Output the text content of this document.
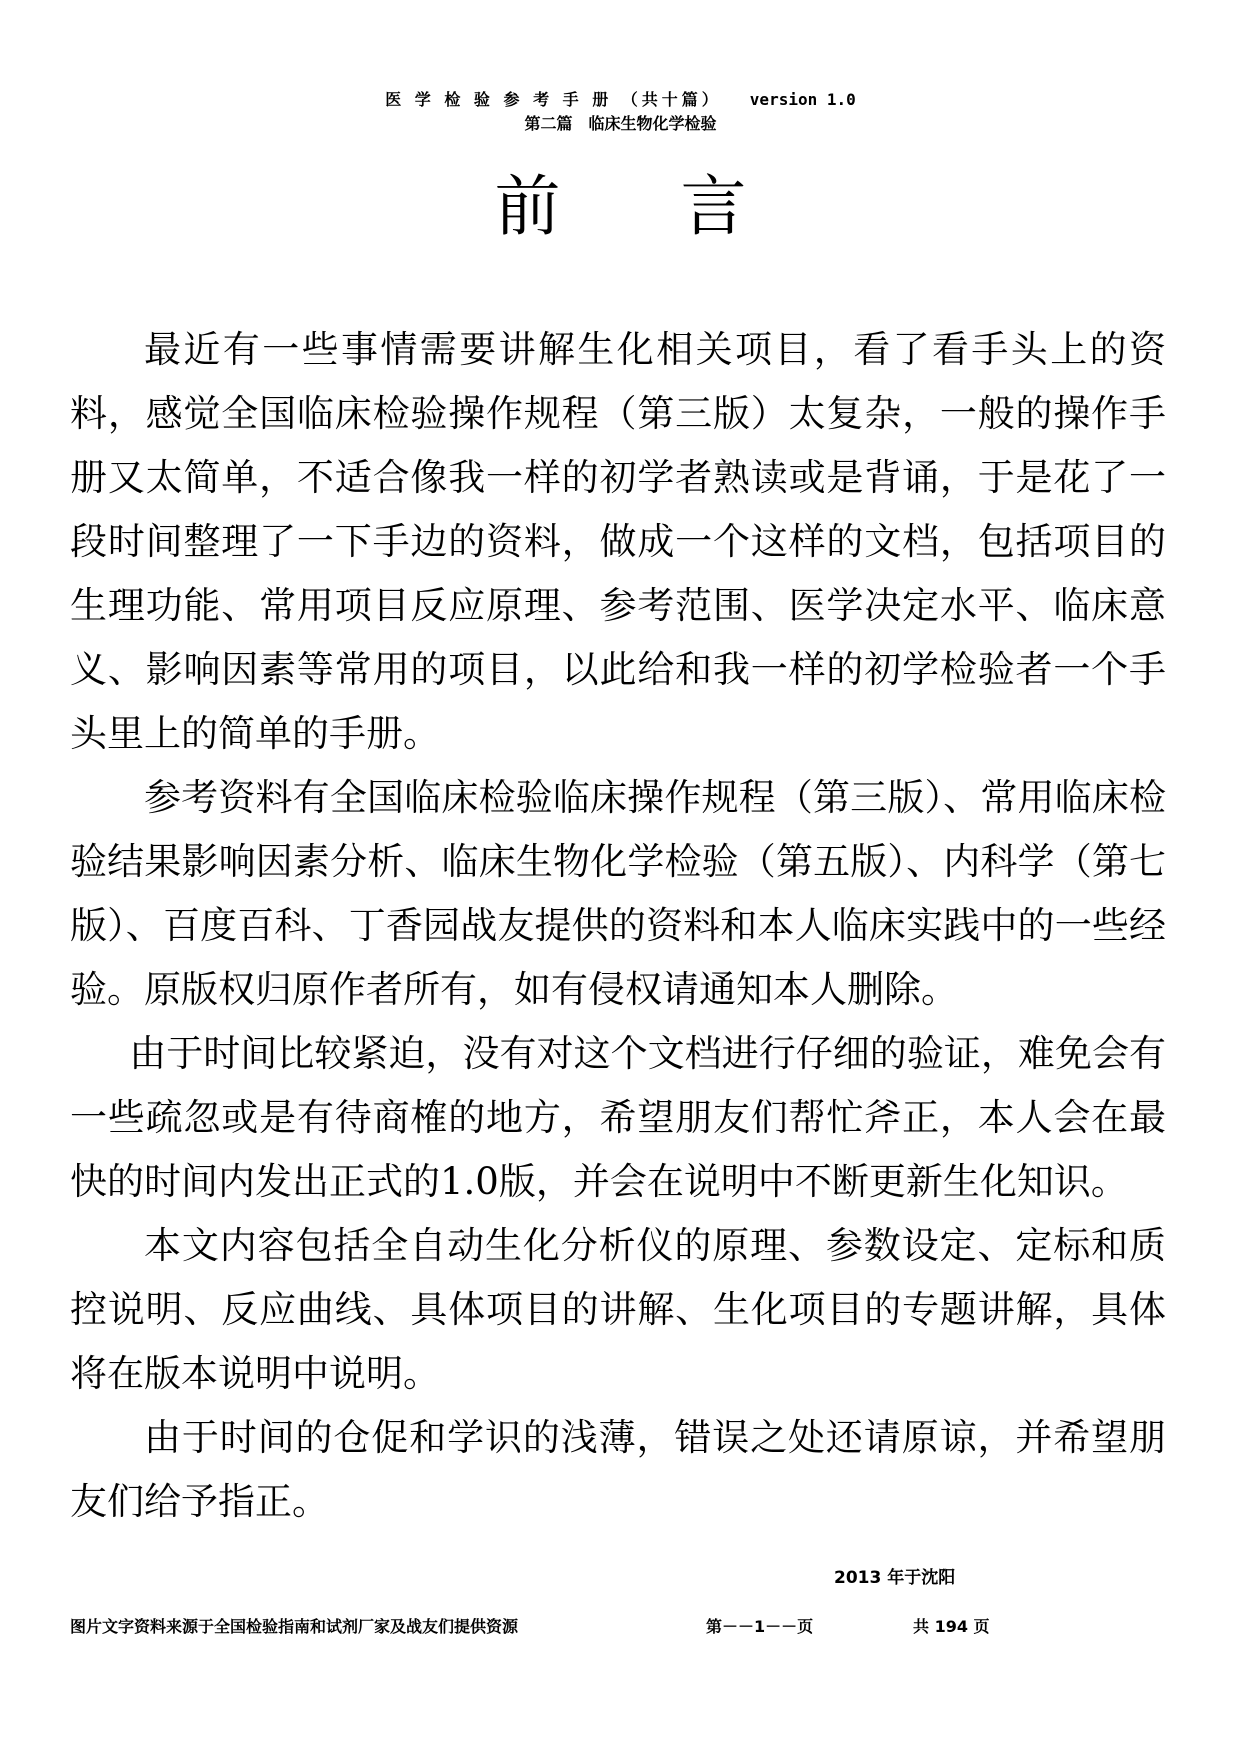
医 学 检 验 参 考 手 册 （共十篇） version 1.0
第二篇　临床生物化学检验
前言

最近有一些事情需要讲解生化相关项目，看了看手头上的资料，感觉全国临床检验操作规程（第三版）太复杂，一般的操作手册又太简单，不适合像我一样的初学者熟读或是背诵，于是花了一段时间整理了一下手边的资料，做成一个这样的文档，包括项目的生理功能、常用项目反应原理、参考范围、医学决定水平、临床意义、影响因素等常用的项目，以此给和我一样的初学检验者一个手头里上的简单的手册。

参考资料有全国临床检验临床操作规程（第三版）、常用临床检验结果影响因素分析、临床生物化学检验（第五版）、内科学（第七版）、百度百科、丁香园战友提供的资料和本人临床实践中的一些经验。原版权归原作者所有，如有侵权请通知本人删除。

由于时间比较紧迫，没有对这个文档进行仔细的验证，难免会有一些疏忽或是有待商榷的地方，希望朋友们帮忙斧正，本人会在最快的时间内发出正式的1.0版，并会在说明中不断更新生化知识。

本文内容包括全自动生化分析仪的原理、参数设定、定标和质控说明、反应曲线、具体项目的讲解、生化项目的专题讲解，具体将在版本说明中说明。

由于时间的仓促和学识的浅薄，错误之处还请原谅，并希望朋友们给予指正。

2013 年于沈阳
图片文字资料来源于全国检验指南和试剂厂家及战友们提供资源	第－－1－－页	共 194 页
